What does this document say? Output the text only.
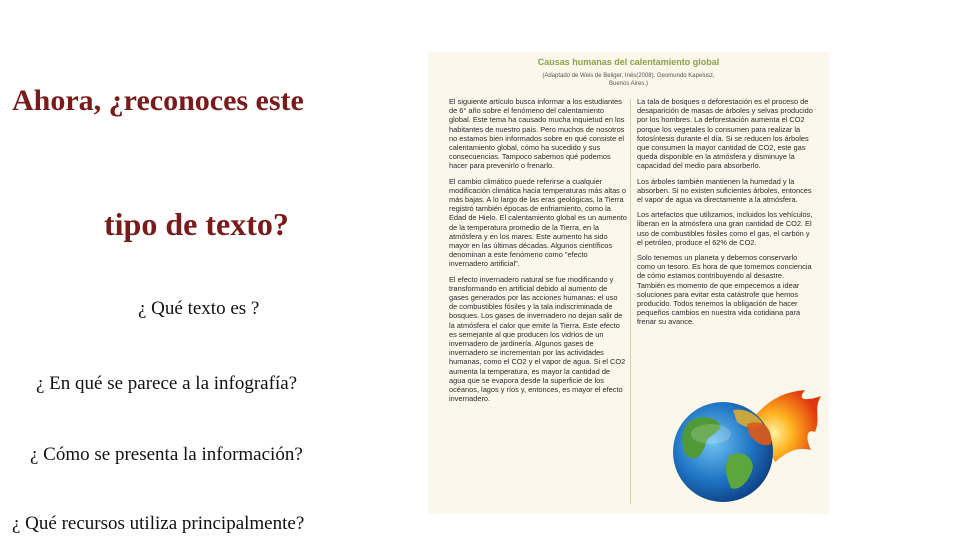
Ahora, ¿reconoces este
tipo de texto?
¿ Qué texto es ?
¿ En qué se parece a la infografía?
¿ Cómo se presenta la información?
¿ Qué recursos utiliza principalmente?
Causas humanas del calentamiento global
(Adaptado de Weis de Beliger, Inés(2008). Geomundo Kapelusz,
Buenos Aires.)

El siguiente artículo busca informar a los estudiantes de 6° año sobre el fenómeno del calentamiento global. Este tema ha causado mucha inquietud en los habitantes de nuestro país. Pero muchos de nosotros no estamos bien informados sobre en qué consiste el calentamiento global, cómo ha sucedido y sus consecuencias. Tampoco sabemos qué podemos hacer para prevenirlo o frenarlo.

El cambio climático puede referirse a cualquier modificación climática hacia temperaturas más altas o más bajas. A lo largo de las eras geológicas, la Tierra registró también épocas de enfriamiento, como la Edad de Hielo. El calentamiento global es un aumento de la temperatura promedio de la Tierra, en la atmósfera y en los mares. Este aumento ha sido mayor en las últimas décadas. Algunos científicos denominan a este fenómeno como "efecto invernadero artificial".

El efecto invernadero natural se fue modificando y transformando en artificial debido al aumento de gases generados por las acciones humanas: el uso de combustibles fósiles y la tala indiscriminada de bosques. Los gases de invernadero no dejan salir de la atmósfera el calor que emite la Tierra. Este efecto es semejante al que producen los vidrios de un invernadero de jardinería. Algunos gases de invernadero se incrementan por las actividades humanas, como el CO2 y el vapor de agua. Si el CO2 aumenta la temperatura, es mayor la cantidad de agua que se evapora desde la superficie de los océanos, lagos y ríos y, entonces, es mayor el efecto invernadero.

La tala de bosques o deforestación es el proceso de desaparición de masas de árboles y selvas producido por los hombres. La deforestación aumenta el CO2 porque los vegetales lo consumen para realizar la fotosíntesis durante el día. Si se reducen los árboles que consumen la mayor cantidad de CO2, este gas queda disponible en la atmósfera y disminuye la capacidad del medio para absorberlo.

Los árboles también mantienen la humedad y la absorben. Si no existen suficientes árboles, entonces el vapor de agua va directamente a la atmósfera.

Los artefactos que utilizamos, incluidos los vehículos, liberan en la atmósfera una gran cantidad de CO2. El uso de combustibles fósiles como el gas, el carbón y el petróleo, produce el 62% de CO2.

Solo tenemos un planeta y debemos conservarlo como un tesoro. Es hora de que tomemos conciencia de cómo estamos contribuyendo al desastre. También es momento de que empecemos a idear soluciones para evitar esta catástrofe que hemos producido. Todos tenemos la obligación de hacer pequeños cambios en nuestra vida cotidiana para frenar su avance.
